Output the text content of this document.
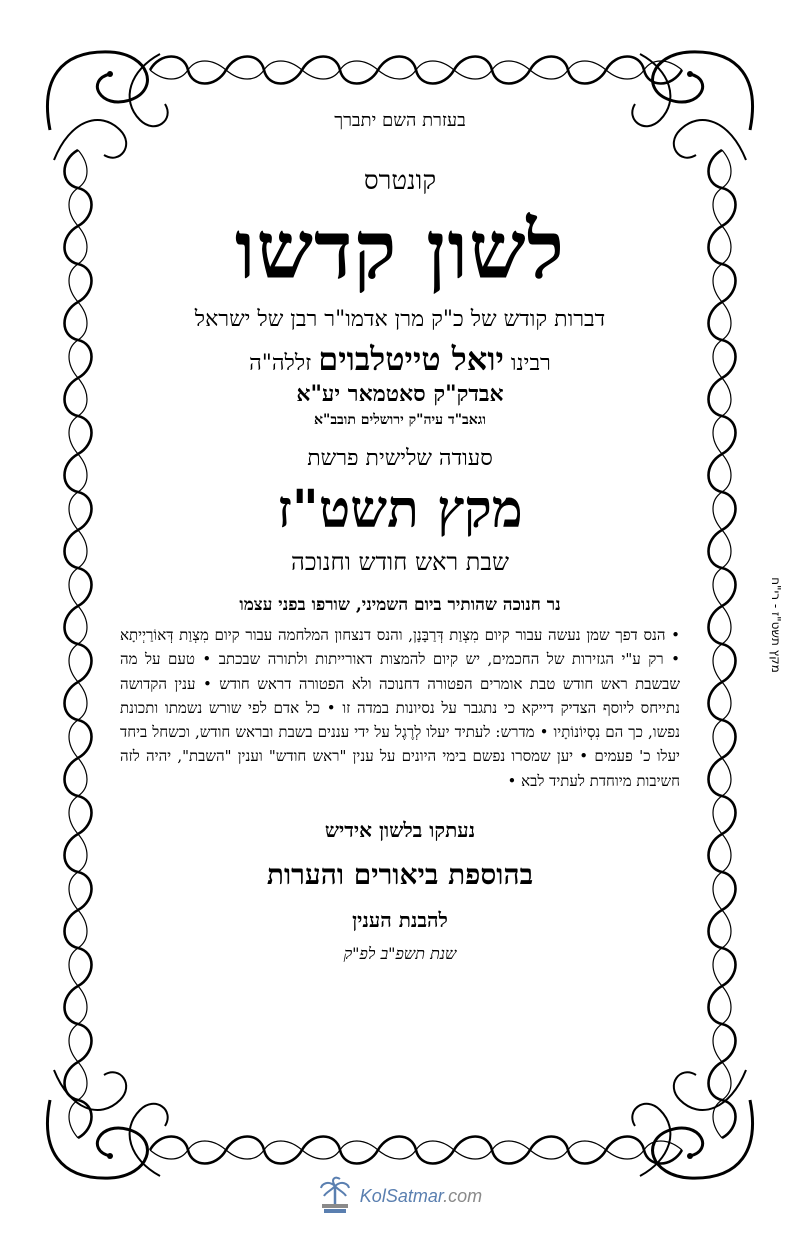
בעזרת השם יתברך

קונטרס

לשון קדשו

דברות קודש של כ"ק מרן אדמו"ר רבן של ישראל

רבינו יואל טייטלבוים זללה"ה

אבדק"ק סאטמאר יע"א

וגאב"ד עיה"ק ירושלים תובב"א

סעודה שלישית פרשת

מקץ תשט"ז

שבת ראש חודש וחנוכה

נר חנוכה שהותיר ביום השמיני, שורפו בפני עצמו

• הנס דפך שמן נעשה עבור קיום מִצְוַת דְּרַבָּנָן, והנס דנצחון המלחמה עבור קיום מִצְוַת דְּאוֹרַיְיתָא • רק ע"י הגזירות של החכמים, יש קיום להמצות דאורייתות ולתורה שבכתב • טעם על מה שבשבת ראש חודש טבת אומרים הפטורה דחנוכה ולא הפטורה דראש חודש • ענין הקדושה נתייחס ליוסף הצדיק דייקא כי נתגבר על נסיונות במדה זו • כל אדם לפי שורש נשמתו ותכונת נפשו, כך הם נִסְיוֹנוֹתָיו • מדרש: לעתיד יעלו לְרֶגֶל על ידי עננים בשבת ובראש חודש, וכשחל ביחד יעלו כ' פעמים • יען שמסרו נפשם בימי היונים על ענין "ראש חודש" וענין "השבת", יהיה לזה חשיבות מיוחדת לעתיד לבא •

נעתקו בלשון אידיש

בהוספת ביאורים והערות

להבנת הענין

שנת תשפ"ב לפ"ק

מקץ תשט"ז - רי"ח
KolSatmar.com
